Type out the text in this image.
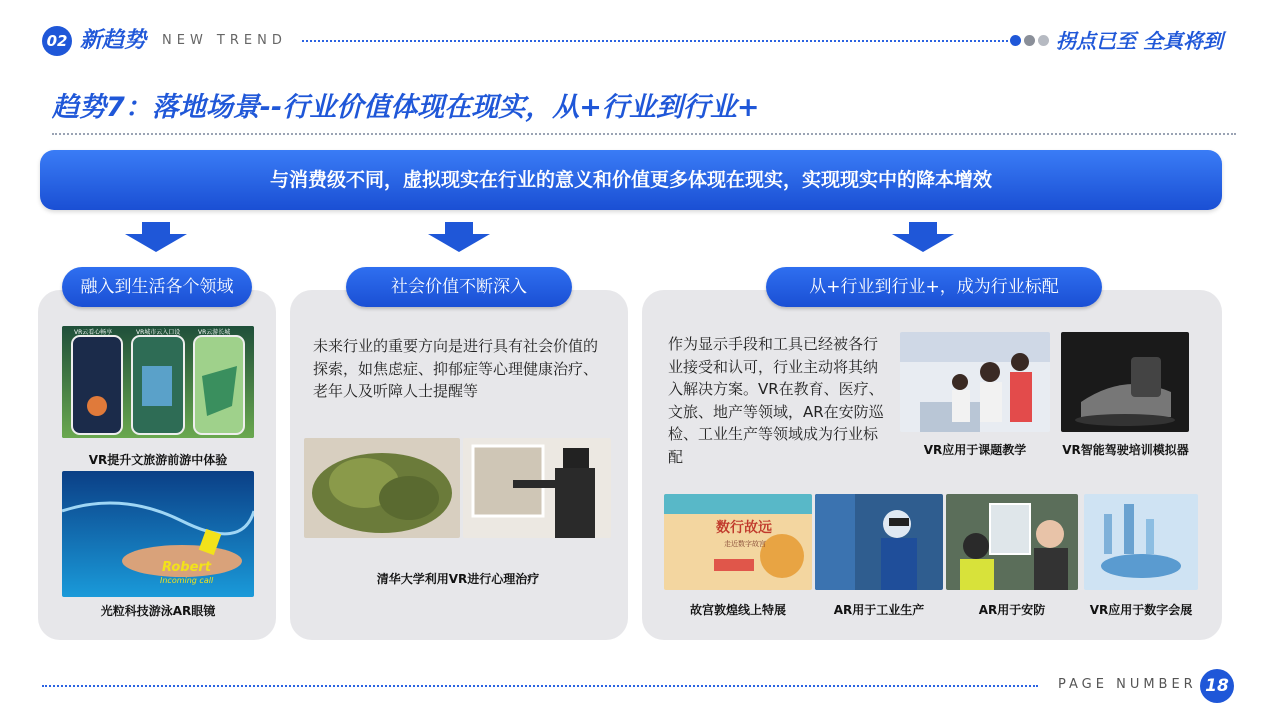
02 新趋势 NEW TREND	拐点已至 全真将到
趋势7：落地场景--行业价值体现在现实，从+行业到行业+
与消费级不同，虚拟现实在行业的意义和价值更多体现在现实，实现现实中的降本增效
融入到生活各个领域
VR云看心畅享	VR城市云入口设	VR云游长城
VR提升文旅游前游中体验
Robert
Incoming call
光粒科技游泳AR眼镜
社会价值不断深入
未来行业的重要方向是进行具有社会价值的探索，如焦虑症、抑郁症等心理健康治疗、老年人及听障人士提醒等
清华大学利用VR进行心理治疗
从+行业到行业+，成为行业标配
作为显示手段和工具已经被各行业接受和认可，行业主动将其纳入解决方案。VR在教育、医疗、文旅、地产等领域，AR在安防巡检、工业生产等领域成为行业标配	VR应用于课题教学	VR智能驾驶培训模拟器
数行故远
走近数字故宫
故宫敦煌线上特展	AR用于工业生产	AR用于安防	VR应用于数字会展
PAGE NUMBER 18
